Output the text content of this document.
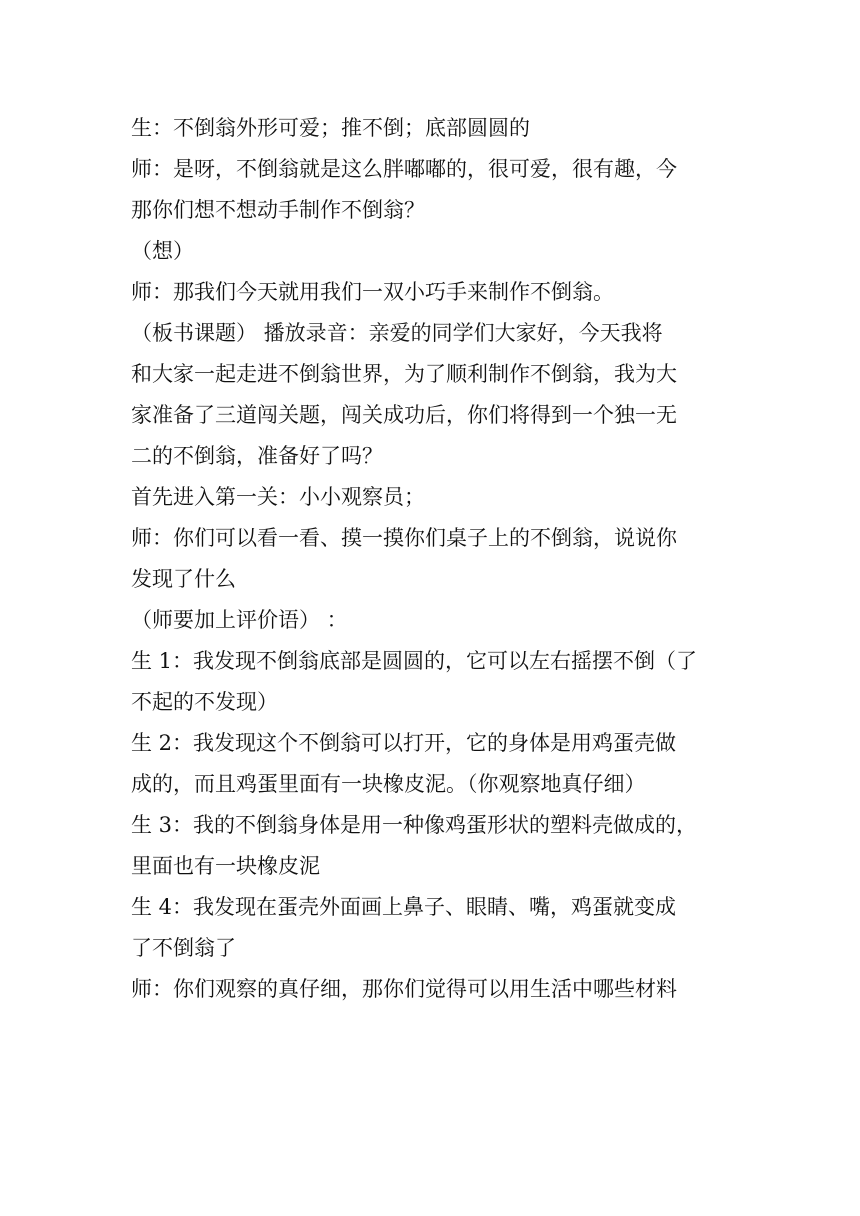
生：不倒翁外形可爱；推不倒；底部圆圆的
师：是呀，不倒翁就是这么胖嘟嘟的，很可爱，很有趣，今
那你们想不想动手制作不倒翁？
（想）
师：那我们今天就用我们一双小巧手来制作不倒翁。
（板书课题） 播放录音：亲爱的同学们大家好，今天我将
和大家一起走进不倒翁世界，为了顺利制作不倒翁，我为大
家准备了三道闯关题，闯关成功后，你们将得到一个独一无
二的不倒翁，准备好了吗？
首先进入第一关：小小观察员；
师：你们可以看一看、摸一摸你们桌子上的不倒翁，说说你
发现了什么
（师要加上评价语） ：
生 1：我发现不倒翁底部是圆圆的，它可以左右摇摆不倒（了
不起的不发现）
生 2：我发现这个不倒翁可以打开，它的身体是用鸡蛋壳做
成的，而且鸡蛋里面有一块橡皮泥。（你观察地真仔细）
生 3：我的不倒翁身体是用一种像鸡蛋形状的塑料壳做成的，
里面也有一块橡皮泥
生 4：我发现在蛋壳外面画上鼻子、眼睛、嘴，鸡蛋就变成
了不倒翁了
师：你们观察的真仔细，那你们觉得可以用生活中哪些材料
